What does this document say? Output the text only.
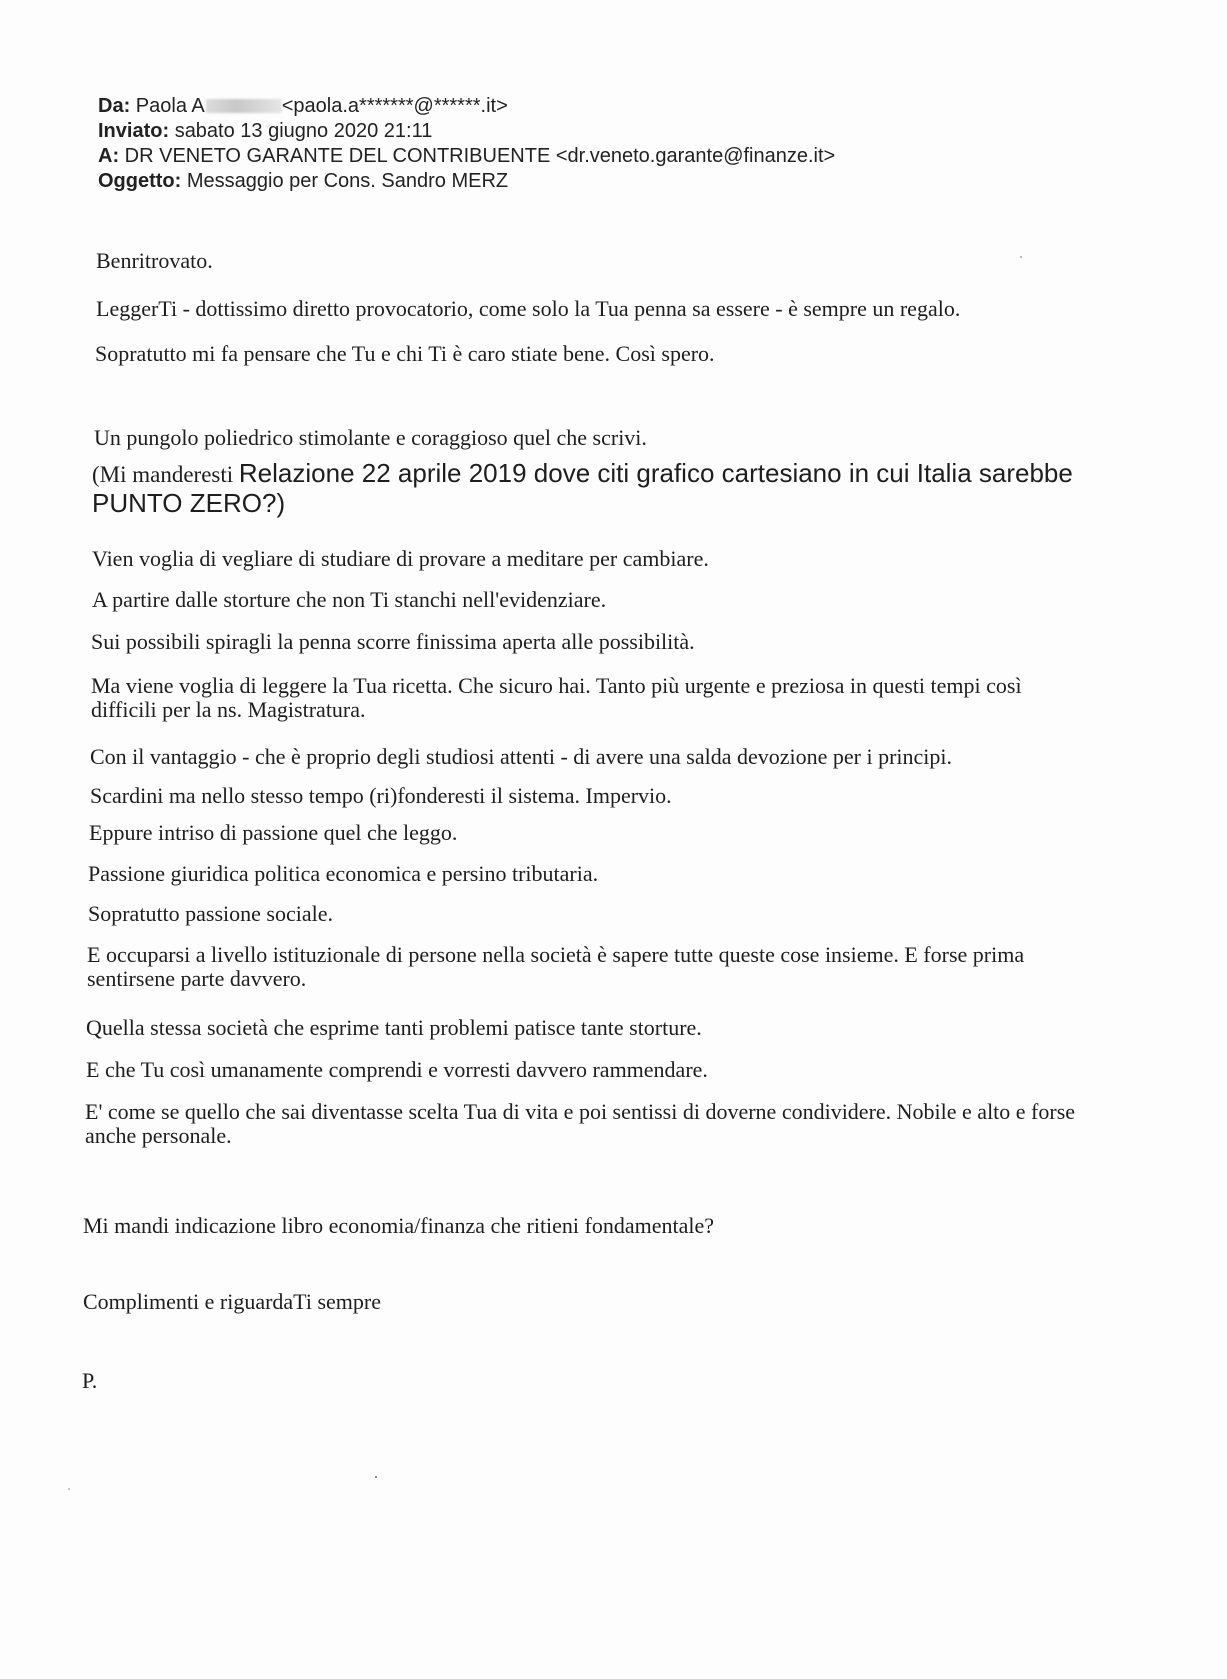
Da: Paola A	<paola.a*******@******.it>
Inviato: sabato 13 giugno 2020 21:11
A: DR VENETO GARANTE DEL CONTRIBUENTE <dr.veneto.garante@finanze.it>
Oggetto: Messaggio per Cons. Sandro MERZ
Benritrovato.
LeggerTi - dottissimo diretto provocatorio, come solo la Tua penna sa essere - è sempre un regalo.
Sopratutto mi fa pensare che Tu e chi Ti è caro stiate bene. Così spero.
Un pungolo poliedrico stimolante e coraggioso quel che scrivi.
(Mi manderesti Relazione 22 aprile 2019 dove citi grafico cartesiano in cui Italia sarebbe PUNTO ZERO?)
Vien voglia di vegliare di studiare di provare a meditare per cambiare.
A partire dalle storture che non Ti stanchi nell'evidenziare.
Sui possibili spiragli la penna scorre finissima aperta alle possibilità.
Ma viene voglia di leggere la Tua ricetta. Che sicuro hai. Tanto più urgente e preziosa in questi tempi così difficili per la ns. Magistratura.
Con il vantaggio - che è proprio degli studiosi attenti - di avere una salda devozione per i principi.
Scardini ma nello stesso tempo (ri)fonderesti il sistema. Impervio.
Eppure intriso di passione quel che leggo.
Passione giuridica politica economica e persino tributaria.
Sopratutto passione sociale.
E occuparsi a livello istituzionale di persone nella società è sapere tutte queste cose insieme. E forse prima sentirsene parte davvero.
Quella stessa società che esprime tanti problemi patisce tante storture.
E che Tu così umanamente comprendi e vorresti davvero rammendare.
E' come se quello che sai diventasse scelta Tua di vita e poi sentissi di doverne condividere. Nobile e alto e forse anche personale.
Mi mandi indicazione libro economia/finanza che ritieni fondamentale?
Complimenti e riguardaTi sempre
P.
